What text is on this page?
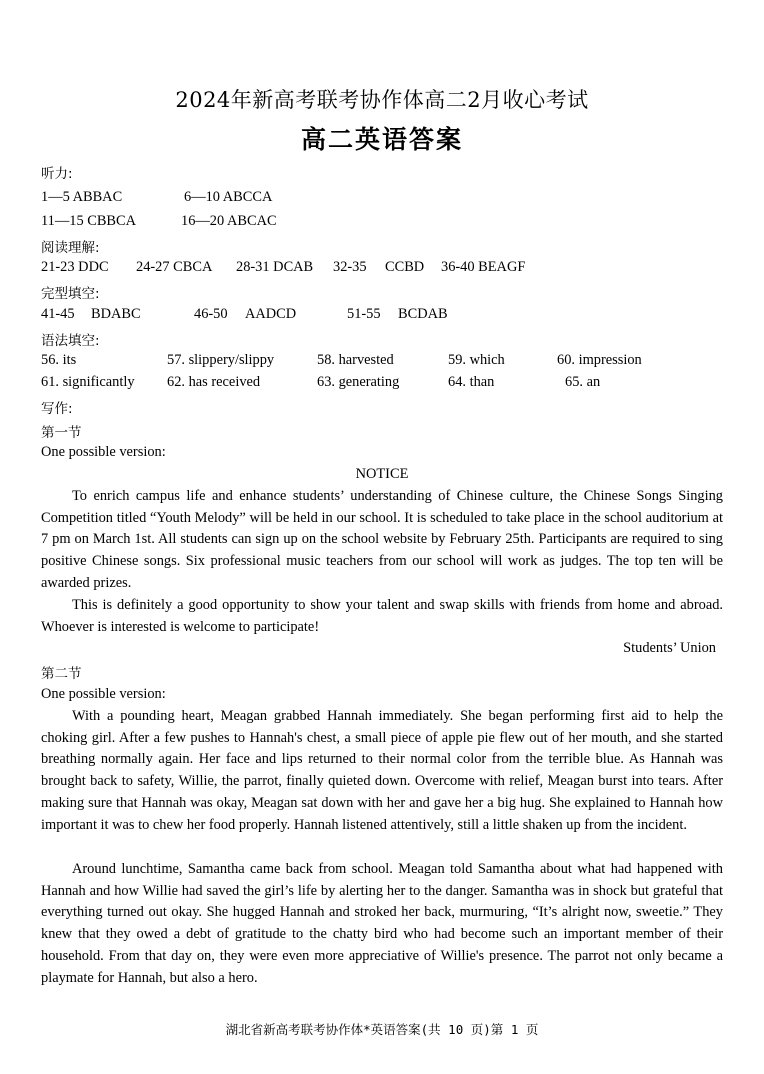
2024年新高考联考协作体高二2月收心考试
高二英语答案
听力:
1—5 ABBAC	6—10 ABCCA
11—15 CBBCA	16—20 ABCAC
阅读理解:
21-23 DDC 24-27 CBCA 28-31 DCAB 32-35 CCBD 36-40 BEAGF
完型填空:
41-45 BDABC	46-50 AADCD	51-55 BCDAB
语法填空:
56. its	57. slippery/slippy	58. harvested	59. which	60. impression
61. significantly 62. has received	63. generating	64. than	65. an
写作:
第一节
One possible version:
NOTICE
To enrich campus life and enhance students’ understanding of Chinese culture, the Chinese Songs Singing Competition titled “Youth Melody” will be held in our school. It is scheduled to take place in the school auditorium at 7 pm on March 1st. All students can sign up on the school website by February 25th. Participants are required to sing positive Chinese songs. Six professional music teachers from our school will work as judges. The top ten will be awarded prizes.
This is definitely a good opportunity to show your talent and swap skills with friends from home and abroad. Whoever is interested is welcome to participate!
Students’ Union
第二节
One possible version:
With a pounding heart, Meagan grabbed Hannah immediately. She began performing first aid to help the choking girl. After a few pushes to Hannah's chest, a small piece of apple pie flew out of her mouth, and she started breathing normally again. Her face and lips returned to their normal color from the terrible blue. As Hannah was brought back to safety, Willie, the parrot, finally quieted down. Overcome with relief, Meagan burst into tears. After making sure that Hannah was okay, Meagan sat down with her and gave her a big hug. She explained to Hannah how important it was to chew her food properly. Hannah listened attentively, still a little shaken up from the incident.
Around lunchtime, Samantha came back from school. Meagan told Samantha about what had happened with Hannah and how Willie had saved the girl’s life by alerting her to the danger. Samantha was in shock but grateful that everything turned out okay. She hugged Hannah and stroked her back, murmuring, “It’s alright now, sweetie.” They knew that they owed a debt of gratitude to the chatty bird who had become such an important member of their household. From that day on, they were even more appreciative of Willie's presence. The parrot not only became a playmate for Hannah, but also a hero.
湖北省新高考联考协作体*英语答案(共 10 页)第 1 页
